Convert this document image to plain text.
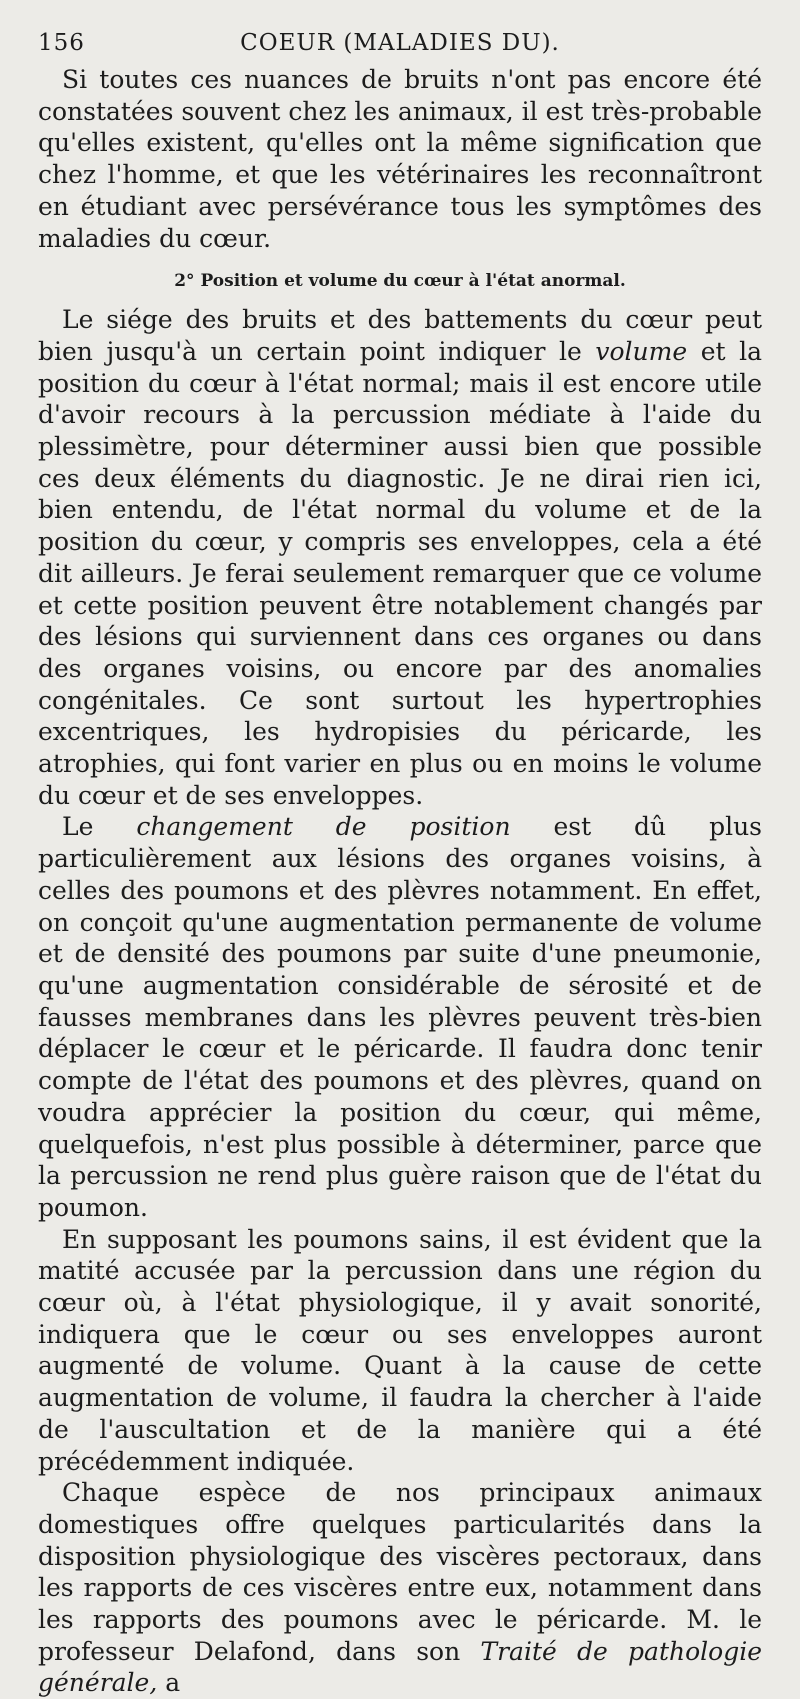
156	COEUR (MALADIES DU).

Si toutes ces nuances de bruits n'ont pas encore été constatées souvent chez les animaux, il est très-probable qu'elles existent, qu'elles ont la même signification que chez l'homme, et que les vétérinaires les reconnaîtront en étudiant avec persévérance tous les symptômes des maladies du cœur.

2° Position et volume du cœur à l'état anormal.

Le siége des bruits et des battements du cœur peut bien jusqu'à un certain point indiquer le volume et la position du cœur à l'état normal; mais il est encore utile d'avoir recours à la percussion médiate à l'aide du plessimètre, pour déterminer aussi bien que possible ces deux éléments du diagnostic. Je ne dirai rien ici, bien entendu, de l'état normal du volume et de la position du cœur, y compris ses enveloppes, cela a été dit ailleurs. Je ferai seulement remarquer que ce volume et cette position peuvent être notablement changés par des lésions qui surviennent dans ces organes ou dans des organes voisins, ou encore par des anomalies congénitales. Ce sont surtout les hypertrophies excentriques, les hydropisies du péricarde, les atrophies, qui font varier en plus ou en moins le volume du cœur et de ses enveloppes.

Le changement de position est dû plus particulièrement aux lésions des organes voisins, à celles des poumons et des plèvres notamment. En effet, on conçoit qu'une augmentation permanente de volume et de densité des poumons par suite d'une pneumonie, qu'une augmentation considérable de sérosité et de fausses membranes dans les plèvres peuvent très-bien déplacer le cœur et le péricarde. Il faudra donc tenir compte de l'état des poumons et des plèvres, quand on voudra apprécier la position du cœur, qui même, quelquefois, n'est plus possible à déterminer, parce que la percussion ne rend plus guère raison que de l'état du poumon.

En supposant les poumons sains, il est évident que la matité accusée par la percussion dans une région du cœur où, à l'état physiologique, il y avait sonorité, indiquera que le cœur ou ses enveloppes auront augmenté de volume. Quant à la cause de cette augmentation de volume, il faudra la chercher à l'aide de l'auscultation et de la manière qui a été précédemment indiquée.

Chaque espèce de nos principaux animaux domestiques offre quelques particularités dans la disposition physiologique des viscères pectoraux, dans les rapports de ces viscères entre eux, notamment dans les rapports des poumons avec le péricarde. M. le professeur Delafond, dans son Traité de pathologie générale, a
